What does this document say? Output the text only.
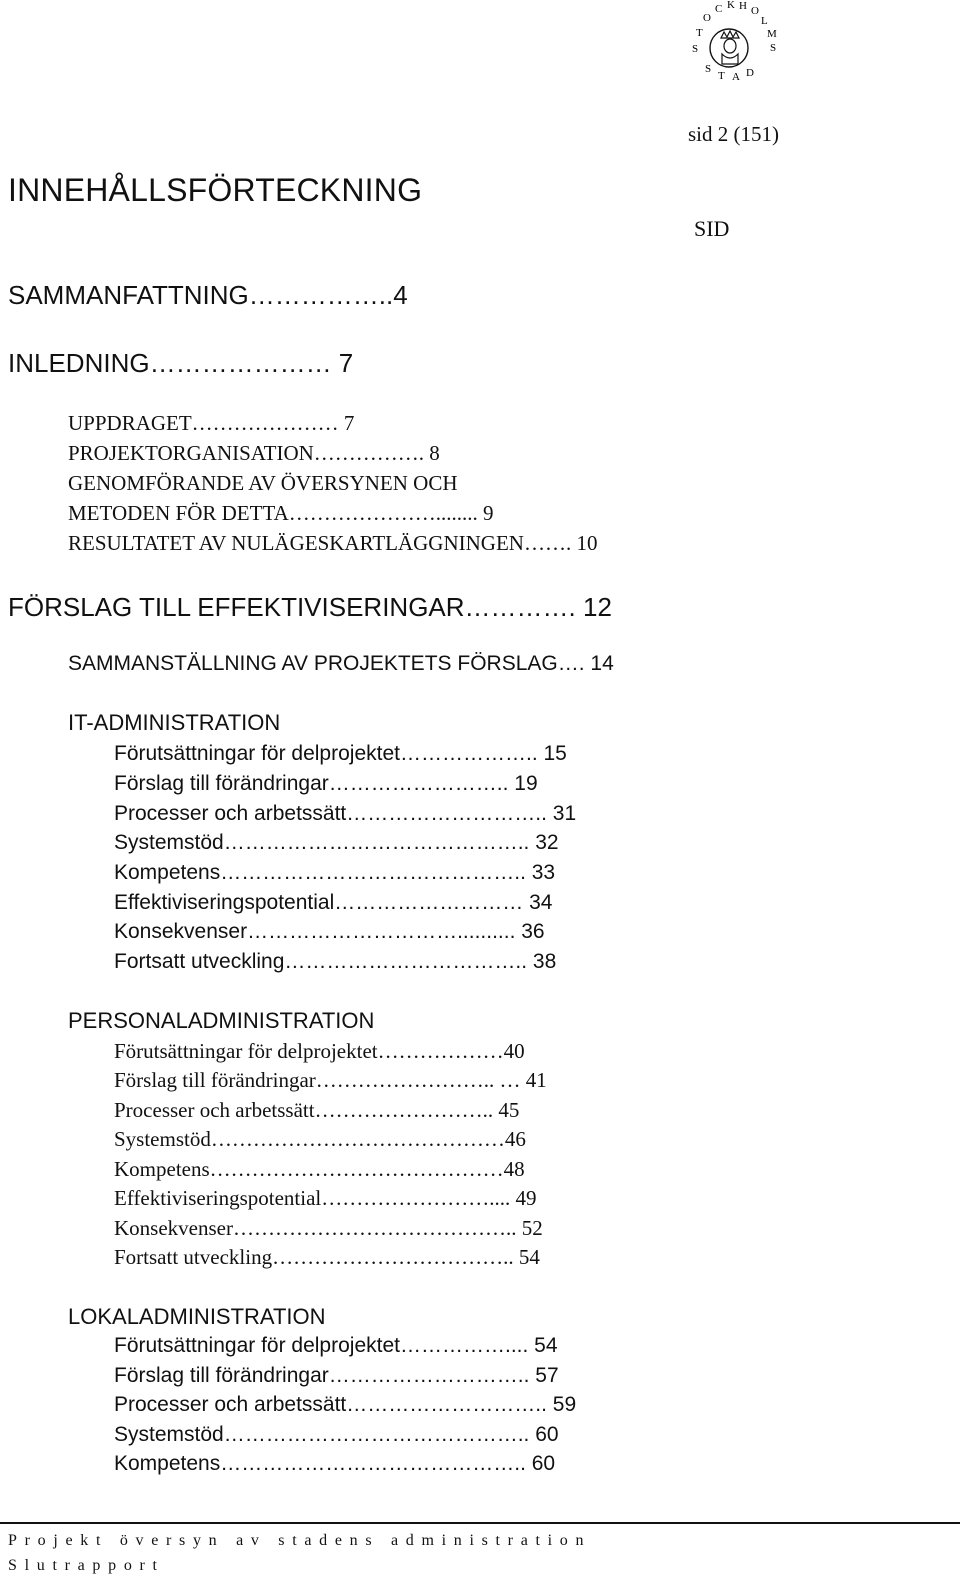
S
T
O
C K H O
L
M
S
S
T A D
sid 2 (151)
INNEHÅLLSFÖRTECKNING
SID
SAMMANFATTNING……………..4
INLEDNING………………… 7
UPPDRAGET………………… 7
PROJEKTORGANISATION……………. 8
GENOMFÖRANDE AV ÖVERSYNEN OCH
METODEN FÖR DETTA…………………........ 9
RESULTATET AV NULÄGESKARTLÄGGNINGEN……. 10
FÖRSLAG TILL EFFEKTIVISERINGAR…………. 12
SAMMANSTÄLLNING AV PROJEKTETS FÖRSLAG…. 14
IT-ADMINISTRATION
Förutsättningar för delprojektet……………….. 15
Förslag till förändringar…………………….. 19
Processer och arbetssätt……………………….. 31
Systemstöd…………………………………….. 32
Kompetens…………………………………….. 33
Effektiviseringspotential……………………… 34
Konsekvenser………………………….......... 36
Fortsatt utveckling…………………………….. 38
PERSONALADMINISTRATION
Förutsättningar för delprojektet………………40
Förslag till förändringar…………………….. … 41
Processer och arbetssätt…………………….. 45
Systemstöd……………………………………46
Kompetens……………………………………48
Effektiviseringspotential…………………….... 49
Konsekvenser………………………………….. 52
Fortsatt utveckling…………………………….. 54
LOKALADMINISTRATION
Förutsättningar för delprojektet…………….... 54
Förslag till förändringar……………………….. 57
Processer och arbetssätt……………………….. 59
Systemstöd…………………………………….. 60
Kompetens…………………………………….. 60
Projekt översyn av stadens administration
Slutrapport
